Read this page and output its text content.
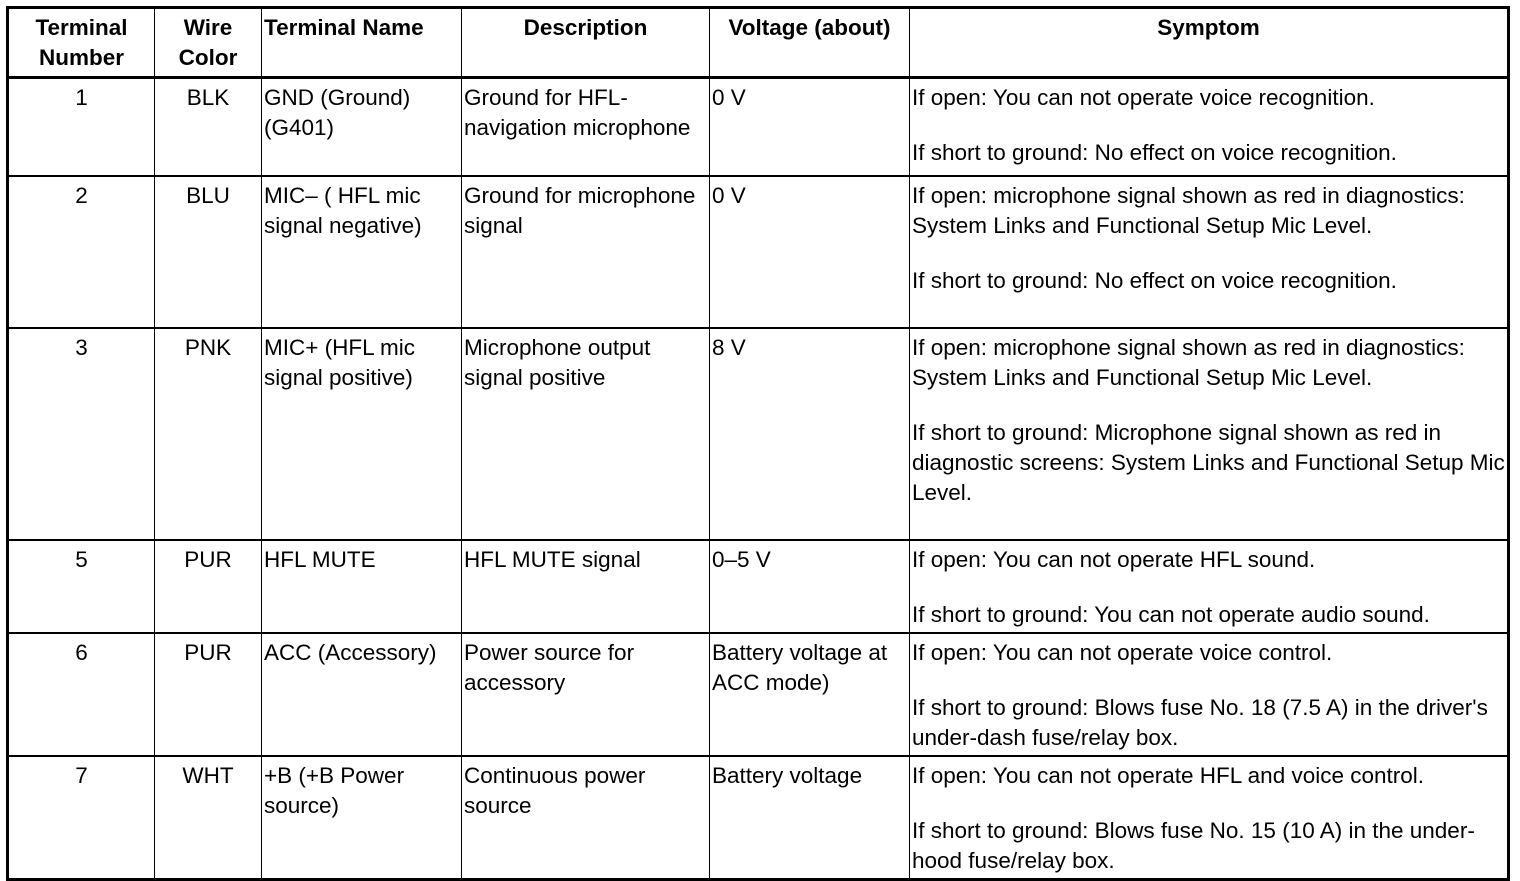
Terminal Number	Wire Color	Terminal Name	Description	Voltage (about)	Symptom
1	BLK	GND (Ground) (G401)	Ground for HFL-navigation microphone	0 V	If open: You can not operate voice recognition.
If short to ground: No effect on voice recognition.

2	BLU	MIC– ( HFL mic signal negative)	Ground for microphone signal	0 V	If open: microphone signal shown as red in diagnostics: System Links and Functional Setup Mic Level.
If short to ground: No effect on voice recognition.

3	PNK	MIC+ (HFL mic signal positive)	Microphone output signal positive	8 V	If open: microphone signal shown as red in diagnostics: System Links and Functional Setup Mic Level.
If short to ground: Microphone signal shown as red in diagnostic screens: System Links and Functional Setup Mic Level.

5	PUR	HFL MUTE	HFL MUTE signal	0–5 V	If open: You can not operate HFL sound.
If short to ground: You can not operate audio sound.

6	PUR	ACC (Accessory)	Power source for accessory	Battery voltage at ACC mode)	If open: You can not operate voice control.
If short to ground: Blows fuse No. 18 (7.5 A) in the driver's under-dash fuse/relay box.

7	WHT	+B (+B Power source)	Continuous power source	Battery voltage	If open: You can not operate HFL and voice control.
If short to ground: Blows fuse No. 15 (10 A) in the under-hood fuse/relay box.
